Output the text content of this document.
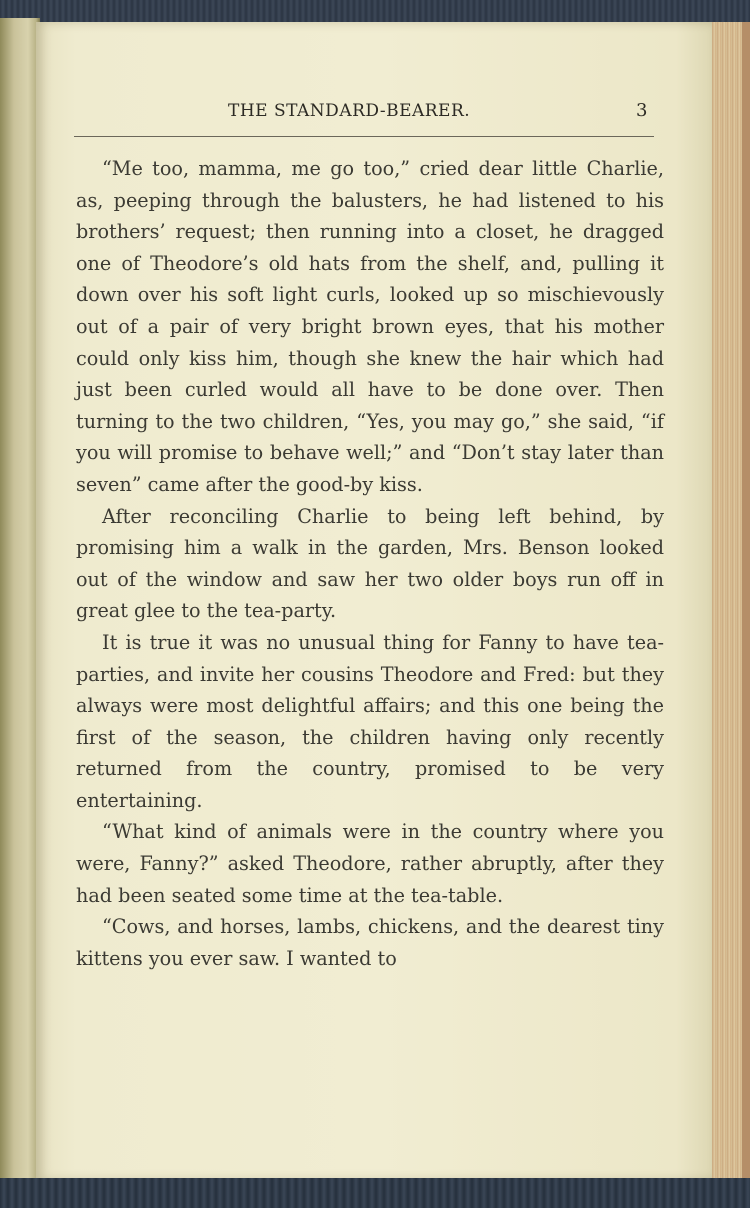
THE STANDARD-BEARER.	3

“Me too, mamma, me go too,” cried dear little Charlie, as, peeping through the balusters, he had listened to his brothers’ request; then running into a closet, he dragged one of Theodore’s old hats from the shelf, and, pulling it down over his soft light curls, looked up so mischievously out of a pair of very bright brown eyes, that his mother could only kiss him, though she knew the hair which had just been curled would all have to be done over. Then turning to the two children, “Yes, you may go,” she said, “if you will promise to behave well;” and “Don’t stay later than seven” came after the good-by kiss.

After reconciling Charlie to being left behind, by promising him a walk in the garden, Mrs. Benson looked out of the window and saw her two older boys run off in great glee to the tea-party.

It is true it was no unusual thing for Fanny to have tea-parties, and invite her cousins Theodore and Fred: but they always were most delightful affairs; and this one being the first of the season, the children having only recently returned from the country, promised to be very entertaining.

“What kind of animals were in the country where you were, Fanny?” asked Theodore, rather abruptly, after they had been seated some time at the tea-table.

“Cows, and horses, lambs, chickens, and the dearest tiny kittens you ever saw. I wanted to
